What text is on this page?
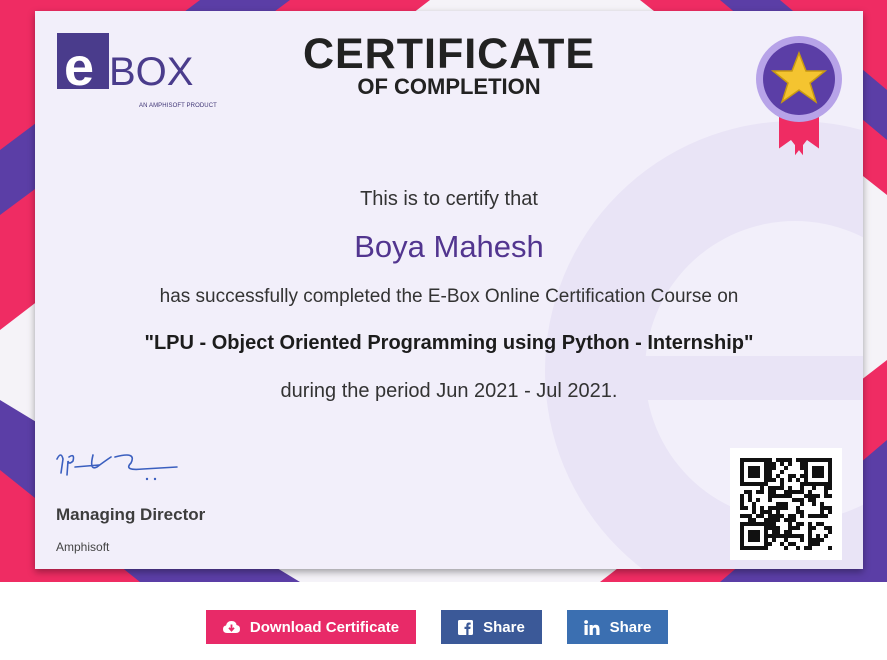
e BOX
AN AMPHISOFT PRODUCT
CERTIFICATE
OF COMPLETION
This is to certify that
Boya Mahesh
has successfully completed the E-Box Online Certification Course on
"LPU - Object Oriented Programming using Python - Internship"
during the period Jun 2021 - Jul 2021.
Managing Director
Amphisoft
Download Certificate	Share	Share
